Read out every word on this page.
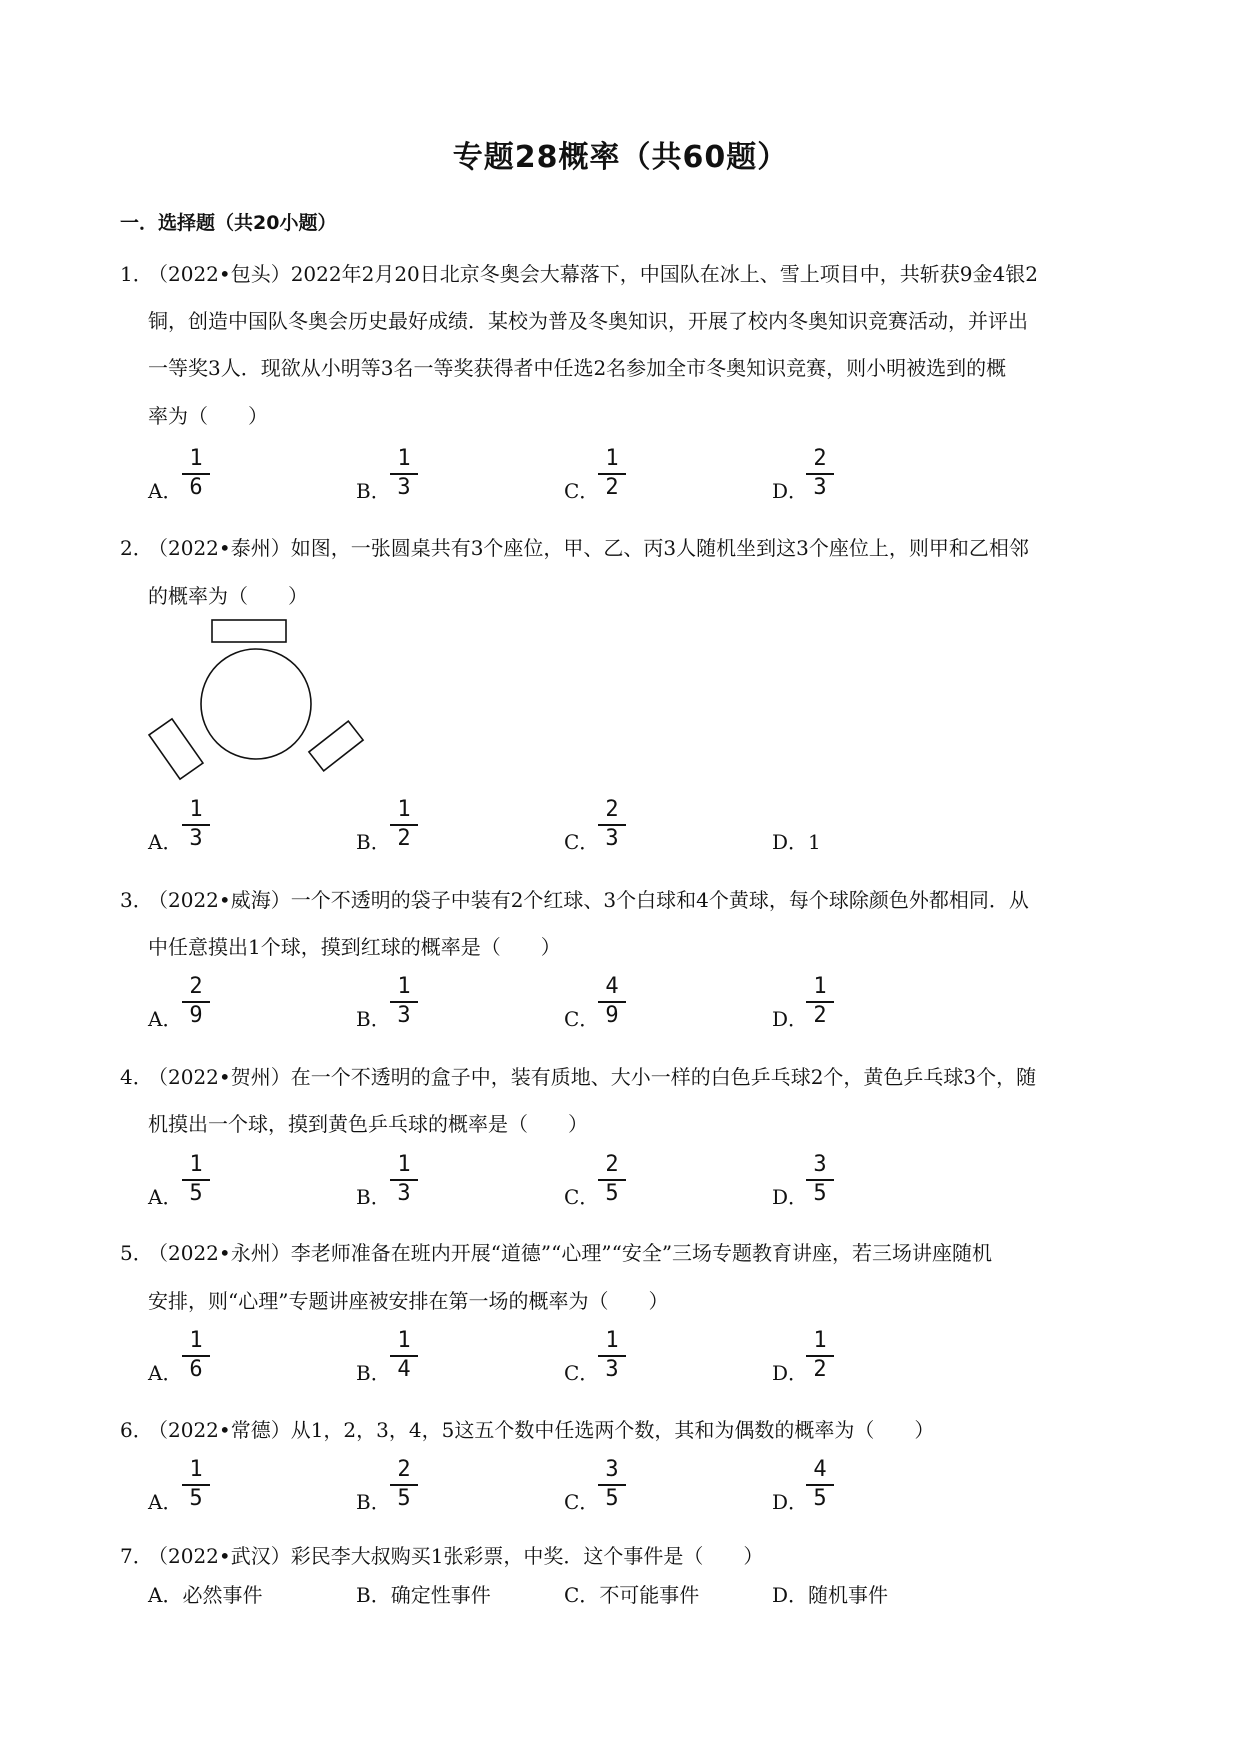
专题28概率（共60题）
一．选择题（共20小题）
1．（2022•包头）2022年2月20日北京冬奥会大幕落下，中国队在冰上、雪上项目中，共斩获9金4银2
铜，创造中国队冬奥会历史最好成绩．某校为普及冬奥知识，开展了校内冬奥知识竞赛活动，并评出
一等奖3人．现欲从小明等3名一等奖获得者中任选2名参加全市冬奥知识竞赛，则小明被选到的概
率为（　　）
A． $\frac{1}{6}$	B． $\frac{1}{3}$	C．
$\frac{1}{2}$	D．
$\frac{2}{3}$
2．（2022•泰州）如图，一张圆桌共有3个座位，甲、乙、丙3人随机坐到这3个座位上，则甲和乙相邻
的概率为（　　）
A． $\frac{1}{3}$	B． $\frac{1}{2}$	C．
$\frac{2}{3}$	D．1
3．（2022•威海）一个不透明的袋子中装有2个红球、3个白球和4个黄球，每个球除颜色外都相同．从
中任意摸出1个球，摸到红球的概率是（　　）
A． $\frac{2}{9}$	B． $\frac{1}{3}$	C．
$\frac{4}{9}$	D．
$\frac{1}{2}$
4．（2022•贺州）在一个不透明的盒子中，装有质地、大小一样的白色乒乓球2个，黄色乒乓球3个，随
机摸出一个球，摸到黄色乒乓球的概率是（　　）
A． $\frac{1}{5}$	B． $\frac{1}{3}$	C．
$\frac{2}{5}$	D．
$\frac{3}{5}$
5．（2022•永州）李老师准备在班内开展“道德”“心理”“安全”三场专题教育讲座，若三场讲座随机
安排，则“心理”专题讲座被安排在第一场的概率为（　　）
A． $\frac{1}{6}$	B． $\frac{1}{4}$	C．
$\frac{1}{3}$	D．
$\frac{1}{2}$
6．（2022•常德）从1，2，3，4，5这五个数中任选两个数，其和为偶数的概率为（　　）
A． $\frac{1}{5}$	B． $\frac{2}{5}$	C．
$\frac{3}{5}$	D．
$\frac{4}{5}$
7．（2022•武汉）彩民李大叔购买1张彩票，中奖．这个事件是（　　）
A．必然事件	B．确定性事件	C．不可能事件	D．随机事件
